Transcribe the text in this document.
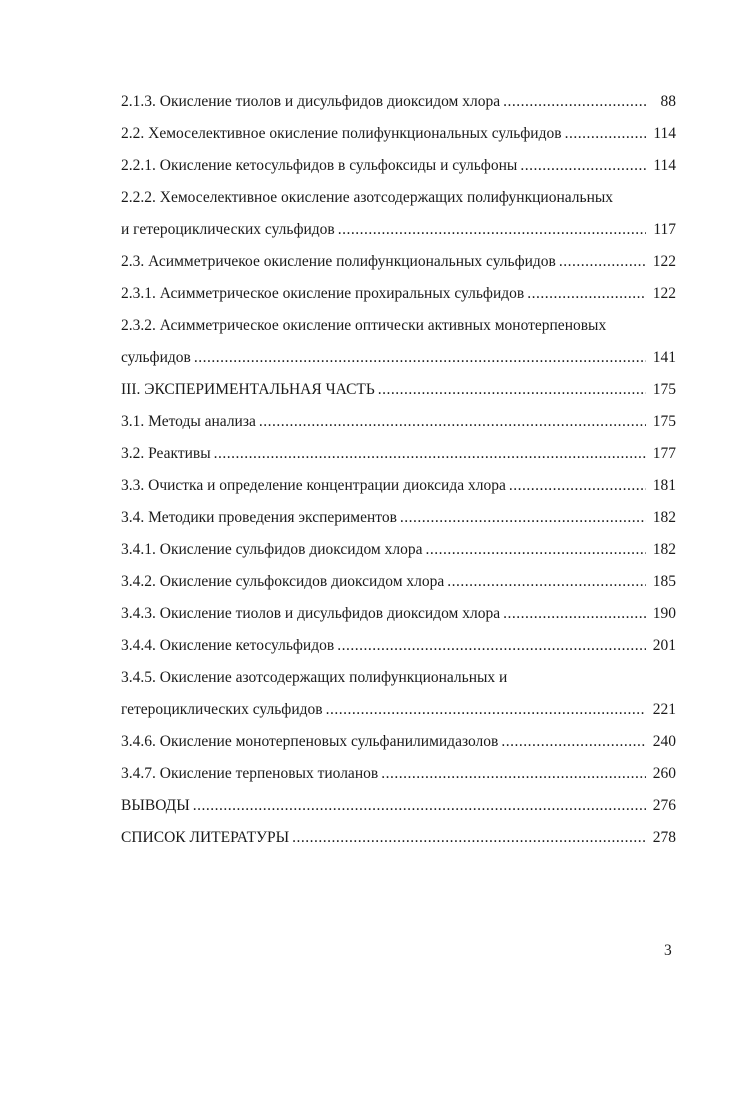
2.1.3. Окисление тиолов и дисульфидов диоксидом хлора .....	88
2.2. Хемоселективное окисление полифункциональных сульфидов .....	114
2.2.1. Окисление кетосульфидов в сульфоксиды и сульфоны .....	114
2.2.2. Хемоселективное окисление азотсодержащих полифункциональных
и гетероциклических сульфидов .....	117
2.3. Асимметричекое окисление полифункциональных сульфидов .....	122
2.3.1. Асимметрическое окисление прохиральных сульфидов .....	122
2.3.2. Асимметрическое окисление оптически активных монотерпеновых
сульфидов .....	141
III. ЭКСПЕРИМЕНТАЛЬНАЯ ЧАСТЬ .....	175
3.1. Методы анализа .....	175
3.2. Реактивы .....	177
3.3. Очистка и определение концентрации диоксида хлора .....	181
3.4. Методики проведения экспериментов .....	182
3.4.1. Окисление сульфидов диоксидом хлора .....	182
3.4.2. Окисление сульфоксидов диоксидом хлора .....	185
3.4.3. Окисление тиолов и дисульфидов диоксидом хлора .....	190
3.4.4. Окисление кетосульфидов .....	201
3.4.5. Окисление азотсодержащих полифункциональных и
гетероциклических сульфидов .....	221
3.4.6. Окисление монотерпеновых сульфанилимидазолов .....	240
3.4.7. Окисление терпеновых тиоланов .....	260
ВЫВОДЫ .....	276
СПИСОК ЛИТЕРАТУРЫ .....	278
3
